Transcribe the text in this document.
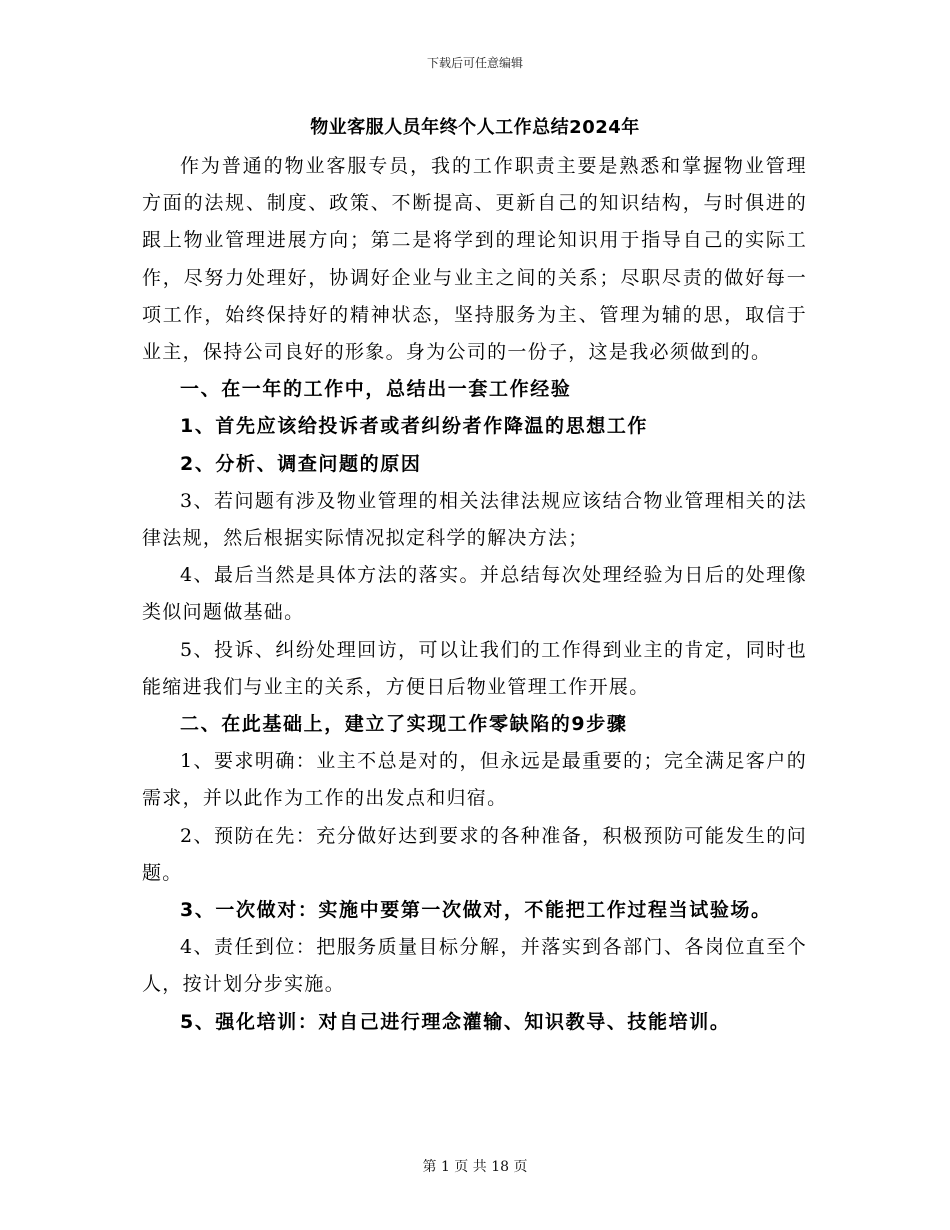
下载后可任意编辑
物业客服人员年终个人工作总结2024年

作为普通的物业客服专员，我的工作职责主要是熟悉和掌握物业管理方面的法规、制度、政策、不断提高、更新自己的知识结构，与时俱进的跟上物业管理进展方向；第二是将学到的理论知识用于指导自己的实际工作，尽努力处理好，协调好企业与业主之间的关系；尽职尽责的做好每一项工作，始终保持好的精神状态，坚持服务为主、管理为辅的思，取信于业主，保持公司良好的形象。身为公司的一份子，这是我必须做到的。

一、在一年的工作中，总结出一套工作经验

1、首先应该给投诉者或者纠纷者作降温的思想工作

2、分析、调查问题的原因

3、若问题有涉及物业管理的相关法律法规应该结合物业管理相关的法律法规，然后根据实际情况拟定科学的解决方法；

4、最后当然是具体方法的落实。并总结每次处理经验为日后的处理像类似问题做基础。

5、投诉、纠纷处理回访，可以让我们的工作得到业主的肯定，同时也能缩进我们与业主的关系，方便日后物业管理工作开展。

二、在此基础上，建立了实现工作零缺陷的9步骤

1、要求明确：业主不总是对的，但永远是最重要的；完全满足客户的需求，并以此作为工作的出发点和归宿。

2、预防在先：充分做好达到要求的各种准备，积极预防可能发生的问题。

3、一次做对：实施中要第一次做对，不能把工作过程当试验场。

4、责任到位：把服务质量目标分解，并落实到各部门、各岗位直至个人，按计划分步实施。

5、强化培训：对自己进行理念灌输、知识教导、技能培训。

第 1 页 共 18 页
